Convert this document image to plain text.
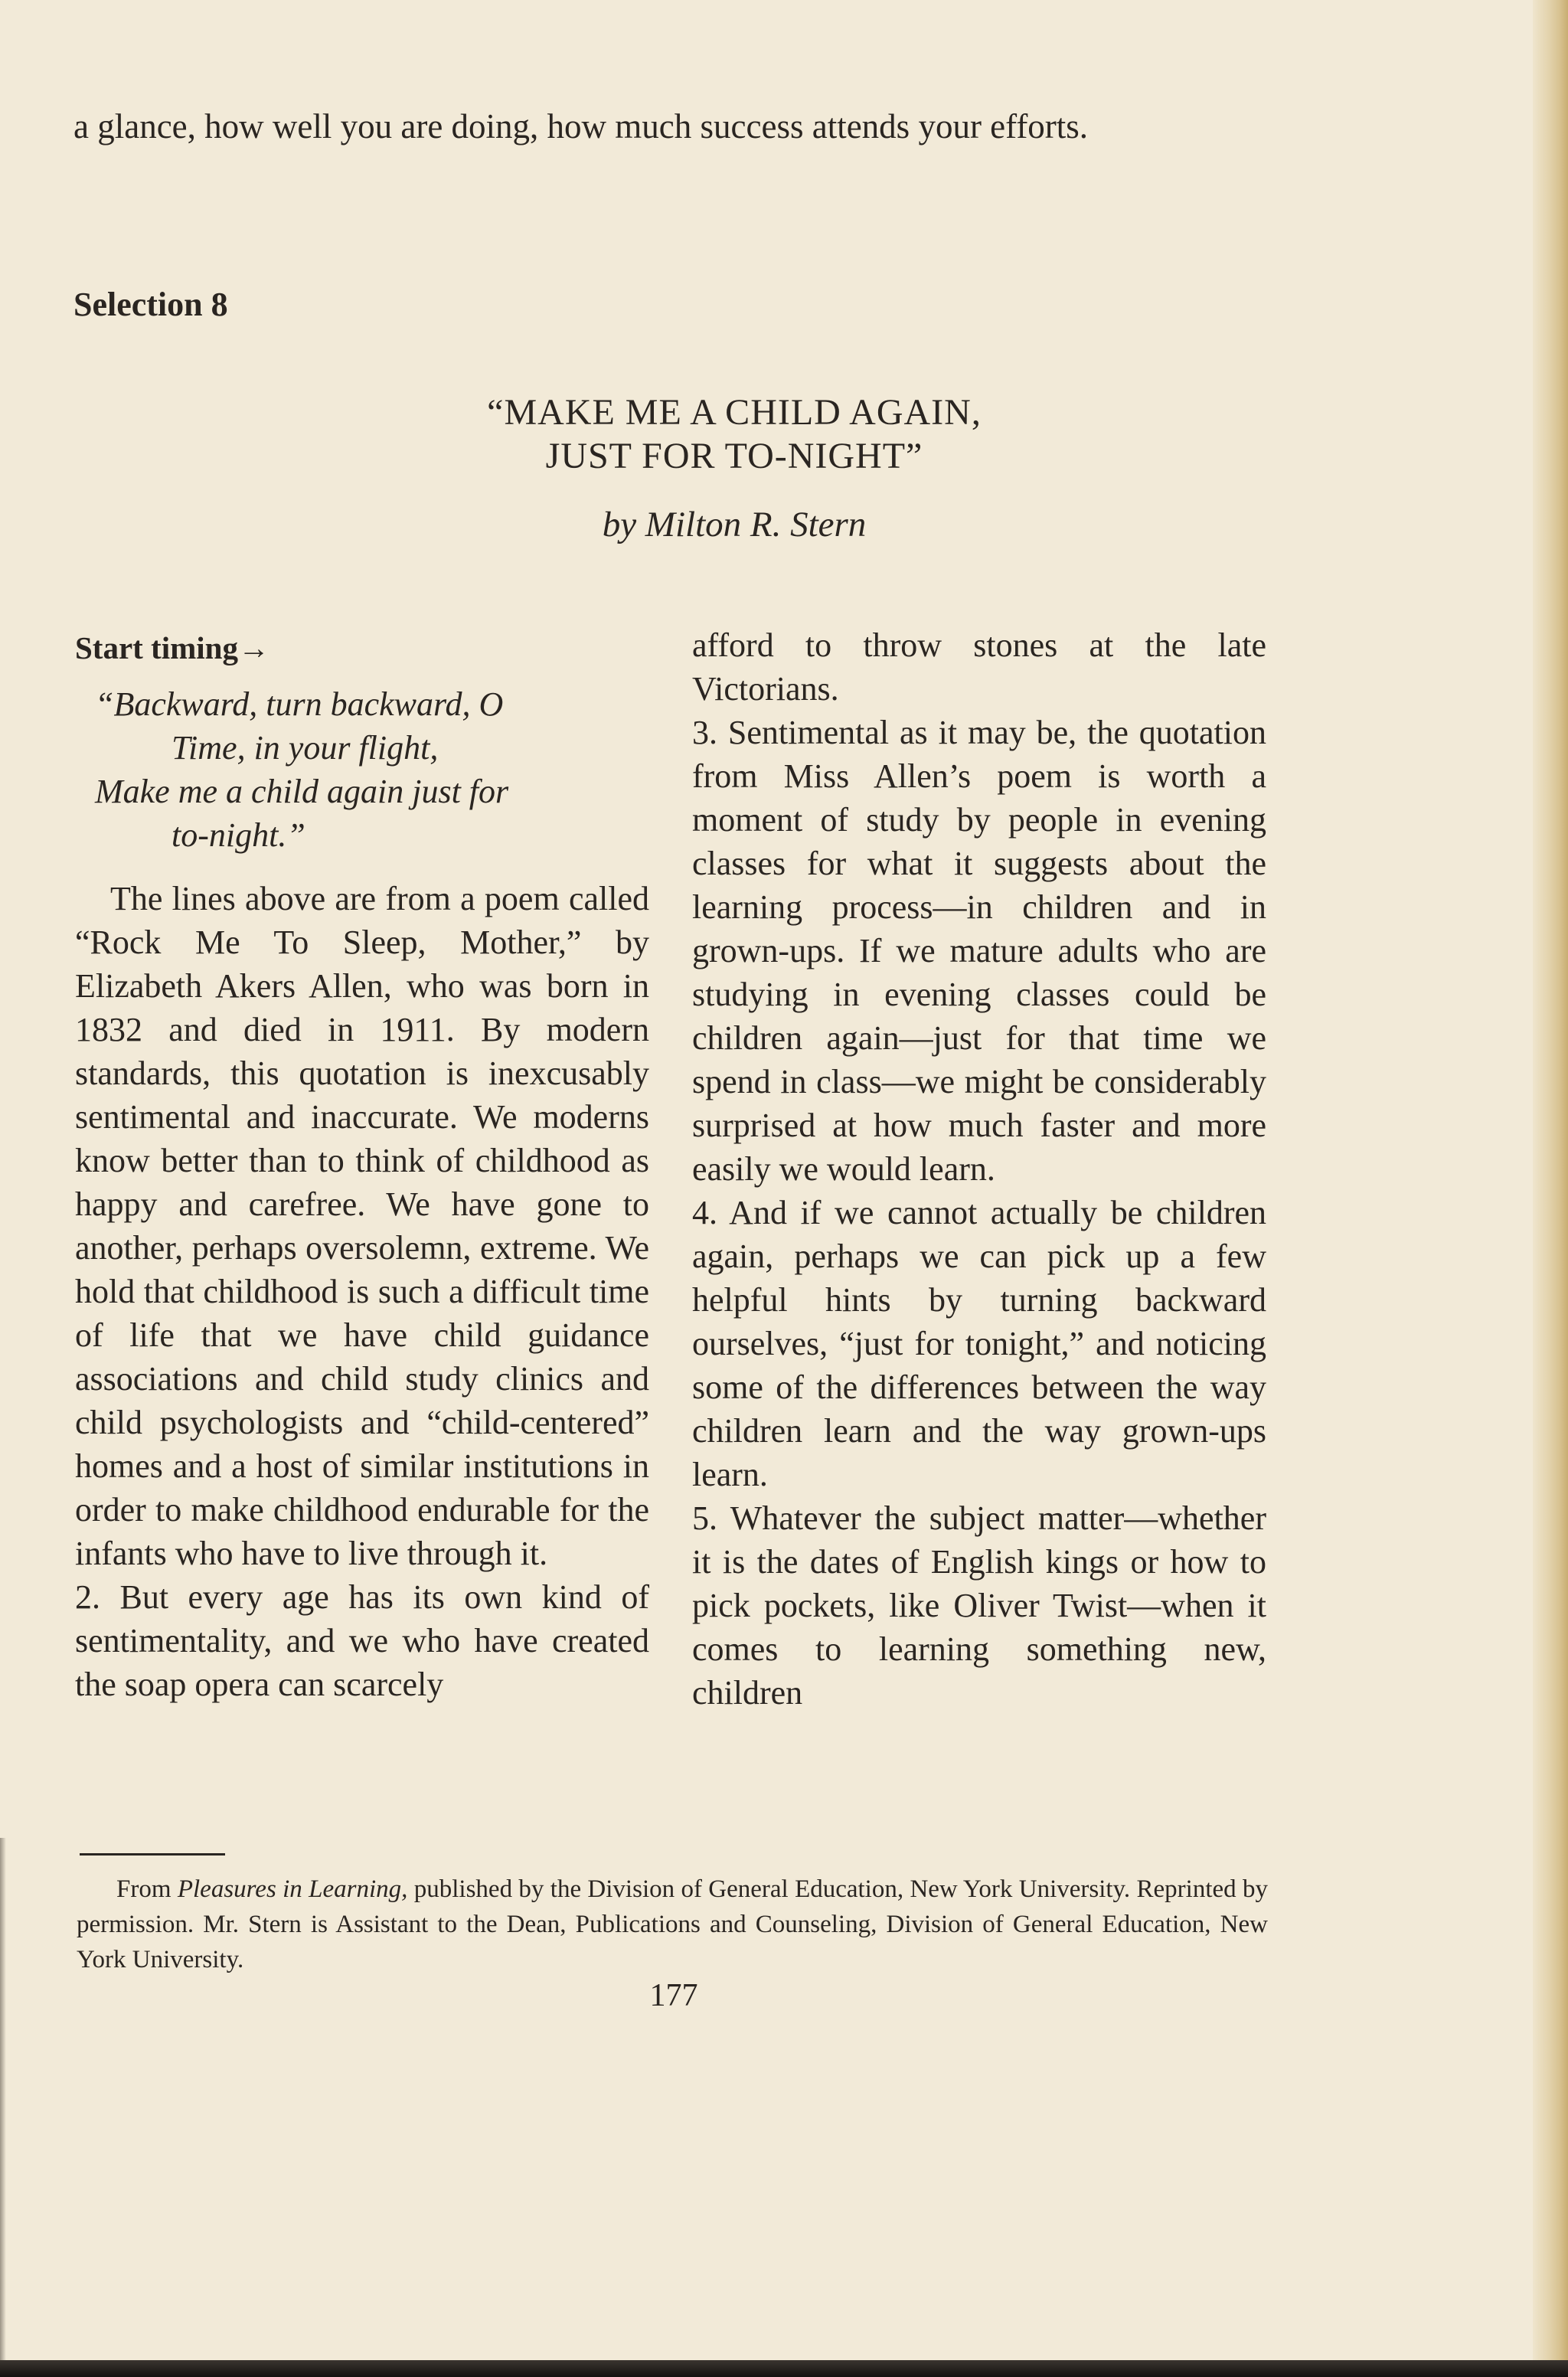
a glance, how well you are doing, how much success attends your efforts.

Selection 8

“MAKE ME A CHILD AGAIN,
JUST FOR TO-NIGHT”

by Milton R. Stern

Start timing→

“Backward, turn backward, O
Time, in your flight,
Make me a child again just for
to-night.”

The lines above are from a poem called “Rock Me To Sleep, Mother,” by Elizabeth Akers Allen, who was born in 1832 and died in 1911. By modern standards, this quotation is inexcusably sentimental and inaccurate. We moderns know better than to think of childhood as happy and carefree. We have gone to another, perhaps oversolemn, extreme. We hold that childhood is such a difficult time of life that we have child guidance associations and child study clinics and child psychologists and “child-centered” homes and a host of similar institutions in order to make childhood endurable for the infants who have to live through it.

2. But every age has its own kind of sentimentality, and we who have created the soap opera can scarcely

afford to throw stones at the late Victorians.

3. Sentimental as it may be, the quotation from Miss Allen’s poem is worth a moment of study by people in evening classes for what it suggests about the learning process—in children and in grown-ups. If we mature adults who are studying in evening classes could be children again—just for that time we spend in class—we might be considerably surprised at how much faster and more easily we would learn.

4. And if we cannot actually be children again, perhaps we can pick up a few helpful hints by turning backward ourselves, “just for tonight,” and noticing some of the differences between the way children learn and the way grown-ups learn.

5. Whatever the subject matter—whether it is the dates of English kings or how to pick pockets, like Oliver Twist—when it comes to learning something new, children

From Pleasures in Learning, published by the Division of General Education, New York University. Reprinted by permission. Mr. Stern is Assistant to the Dean, Publications and Counseling, Division of General Education, New York University.

177
